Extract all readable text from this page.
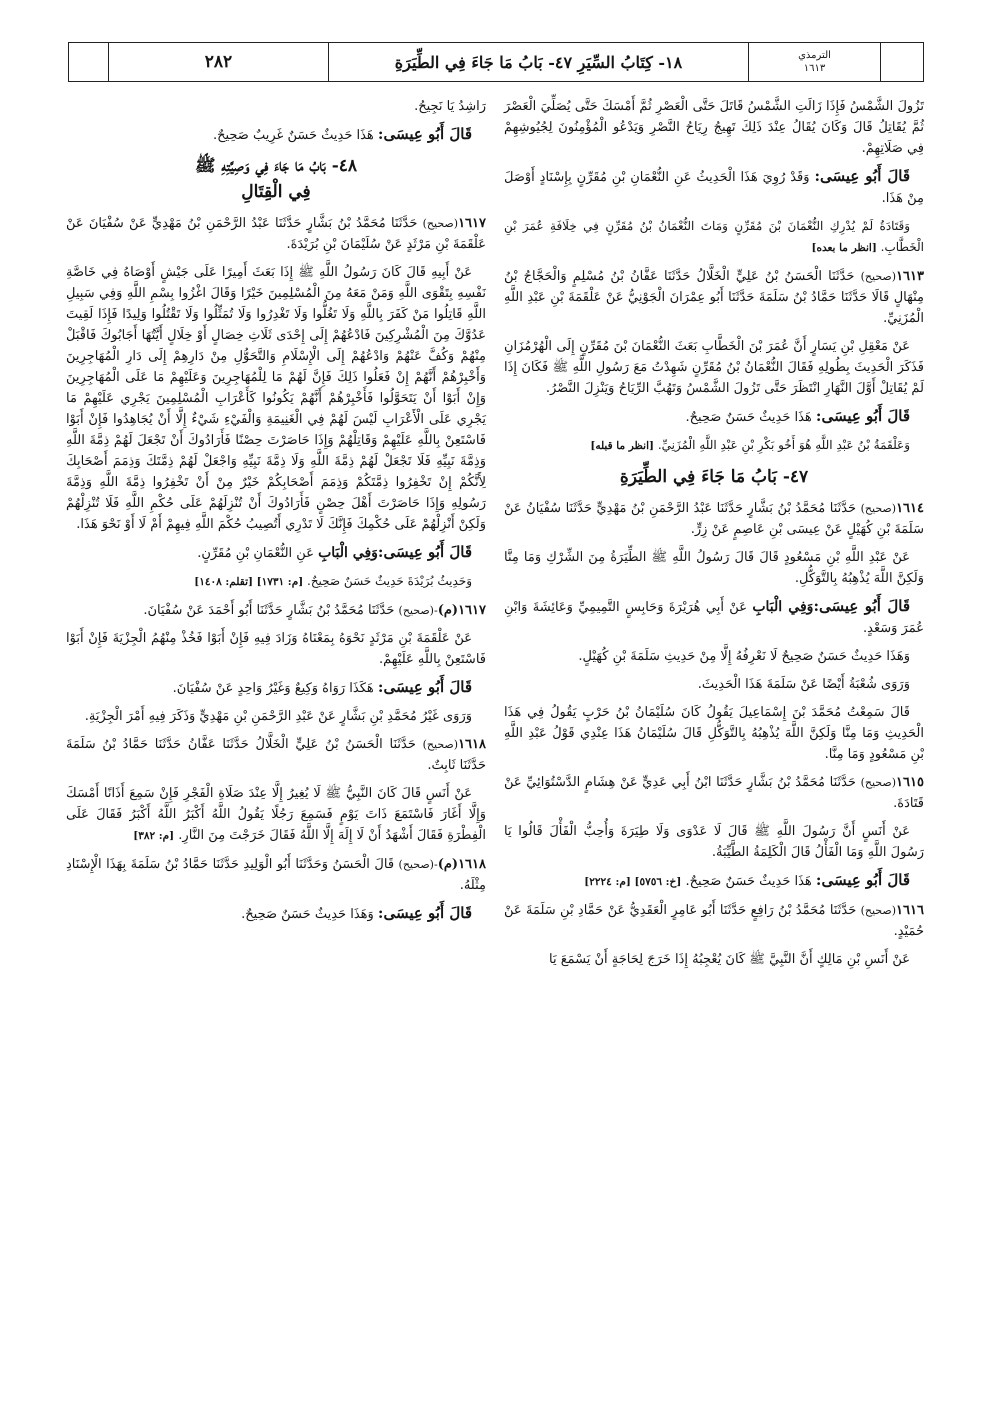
٢٨٢	١٨- كِتَابُ السِّيَرِ ٤٧- بَابُ مَا جَاءَ فِي الطِّيَرَةِ	الترمذي
١٦١٣

تَزُولَ الشَّمْسُ فَإِذَا زَالَتِ الشَّمْسُ قَاتَلَ حَتَّى الْعَصْرِ ثُمَّ أَمْسَكَ حَتَّى يُصَلِّيَ الْعَصْرَ ثُمَّ يُقَاتِلُ قَالَ وَكَانَ يُقَالُ عِنْدَ ذَلِكَ تَهِيجُ رِيَاحُ النَّصْرِ وَيَدْعُو الْمُؤْمِنُونَ لِجُيُوشِهِمْ فِي صَلَاتِهِمْ.

قَالَ أَبُو عِيسَى: وَقَدْ رُوِيَ هَذَا الْحَدِيثُ عَنِ النُّعْمَانِ بْنِ مُقَرِّنٍ بِإِسْنَادٍ أَوْصَلَ مِنْ هَذَا.

وَقَتَادَةُ لَمْ يُدْرِكِ النُّعْمَانَ بْنَ مُقَرِّنٍ وَمَاتَ النُّعْمَانُ بْنُ مُقَرِّنٍ فِي خِلَافَةِ عُمَرَ بْنِ الْخَطَّابِ. [انظر ما بعده]

١٦١٣(صحيح) حَدَّثَنَا الْحَسَنُ بْنُ عَلِيٍّ الْخَلَّالُ حَدَّثَنَا عَفَّانُ بْنُ مُسْلِمٍ وَالْحَجَّاجُ بْنُ مِنْهَالٍ قَالَا حَدَّثَنَا حَمَّادُ بْنُ سَلَمَةَ حَدَّثَنَا أَبُو عِمْرَانَ الْجَوْنِيُّ عَنْ عَلْقَمَةَ بْنِ عَبْدِ اللَّهِ الْمُزَنِيِّ.

عَنْ مَعْقِلِ بْنِ يَسَارٍ أَنَّ عُمَرَ بْنَ الْخَطَّابِ بَعَثَ النُّعْمَانَ بْنَ مُقَرِّنٍ إِلَى الْهُرْمُزَانِ فَذَكَرَ الْحَدِيثَ بِطُولِهِ فَقَالَ النُّعْمَانُ بْنُ مُقَرِّنٍ شَهِدْتُ مَعَ رَسُولِ اللَّهِ ﷺ فَكَانَ إِذَا لَمْ يُقَاتِلْ أَوَّلَ النَّهَارِ انْتَظَرَ حَتَّى تَزُولَ الشَّمْسُ وَتَهُبَّ الرِّيَاحُ وَيَنْزِلَ النَّصْرُ.

قَالَ أَبُو عِيسَى: هَذَا حَدِيثٌ حَسَنٌ صَحِيحٌ.

وَعَلْقَمَةُ بْنُ عَبْدِ اللَّهِ هُوَ أَخُو بَكْرِ بْنِ عَبْدِ اللَّهِ الْمُزَنِيِّ. [انظر ما قبله]

٤٧- بَابُ مَا جَاءَ فِي الطِّيَرَةِ

١٦١٤(صحيح) حَدَّثَنَا مُحَمَّدُ بْنُ بَشَّارٍ حَدَّثَنَا عَبْدُ الرَّحْمَنِ بْنُ مَهْدِيٍّ حَدَّثَنَا سُفْيَانُ عَنْ سَلَمَةَ بْنِ كُهَيْلٍ عَنْ عِيسَى بْنِ عَاصِمٍ عَنْ زِرٍّ.

عَنْ عَبْدِ اللَّهِ بْنِ مَسْعُودٍ قَالَ قَالَ رَسُولُ اللَّهِ ﷺ الطِّيَرَةُ مِنَ الشِّرْكِ وَمَا مِنَّا وَلَكِنَّ اللَّهَ يُذْهِبُهُ بِالتَّوَكُّلِ.

قَالَ أَبُو عِيسَى:وَفِي الْبَابِ عَنْ أَبِي هُرَيْرَةَ وَحَابِسٍ التَّمِيمِيِّ وَعَائِشَةَ وَابْنِ عُمَرَ وَسَعْدٍ.

وَهَذَا حَدِيثٌ حَسَنٌ صَحِيحٌ لَا نَعْرِفُهُ إِلَّا مِنْ حَدِيثِ سَلَمَةَ بْنِ كُهَيْلٍ.

وَرَوَى شُعْبَةُ أَيْضًا عَنْ سَلَمَةَ هَذَا الْحَدِيثَ.

قَالَ سَمِعْتُ مُحَمَّدَ بْنَ إِسْمَاعِيلَ يَقُولُ كَانَ سُلَيْمَانُ بْنُ حَرْبٍ يَقُولُ فِي هَذَا الْحَدِيثِ وَمَا مِنَّا وَلَكِنَّ اللَّهَ يُذْهِبُهُ بِالتَّوَكُّلِ قَالَ سُلَيْمَانُ هَذَا عِنْدِي قَوْلُ عَبْدِ اللَّهِ بْنِ مَسْعُودٍ وَمَا مِنَّا.

١٦١٥(صحيح) حَدَّثَنَا مُحَمَّدُ بْنُ بَشَّارٍ حَدَّثَنَا ابْنُ أَبِي عَدِيٍّ عَنْ هِشَامٍ الدَّسْتُوَائِيِّ عَنْ قَتَادَةَ.

عَنْ أَنَسٍ أَنَّ رَسُولَ اللَّهِ ﷺ قَالَ لَا عَدْوَى وَلَا طِيَرَةَ وَأُحِبُّ الْفَأْلَ قَالُوا يَا رَسُولَ اللَّهِ وَمَا الْفَأْلُ قَالَ الْكَلِمَةُ الطَّيِّبَةُ.

قَالَ أَبُو عِيسَى: هَذَا حَدِيثٌ حَسَنٌ صَحِيحٌ. [خ: ٥٧٥٦] [م: ٢٢٢٤]

١٦١٦(صحيح) حَدَّثَنَا مُحَمَّدُ بْنُ رَافِعٍ حَدَّثَنَا أَبُو عَامِرٍ الْعَقَدِيُّ عَنْ حَمَّادِ بْنِ سَلَمَةَ عَنْ حُمَيْدٍ.

عَنْ أَنَسِ بْنِ مَالِكٍ أَنَّ النَّبِيَّ ﷺ كَانَ يُعْجِبُهُ إِذَا خَرَجَ لِحَاجَةٍ أَنْ يَسْمَعَ يَا

رَاشِدُ يَا نَجِيحُ.

قَالَ أَبُو عِيسَى: هَذَا حَدِيثٌ حَسَنٌ غَرِيبٌ صَحِيحٌ.

٤٨- بَابُ مَا جَاءَ فِي وَصِيَّتِهِ ﷺ
فِي الْقِتَالِ

١٦١٧(صحيح) حَدَّثَنَا مُحَمَّدُ بْنُ بَشَّارٍ حَدَّثَنَا عَبْدُ الرَّحْمَنِ بْنُ مَهْدِيٍّ عَنْ سُفْيَانَ عَنْ عَلْقَمَةَ بْنِ مَرْثَدٍ عَنْ سُلَيْمَانَ بْنِ بُرَيْدَةَ.

عَنْ أَبِيهِ قَالَ كَانَ رَسُولُ اللَّهِ ﷺ إِذَا بَعَثَ أَمِيرًا عَلَى جَيْشٍ أَوْصَاهُ فِي خَاصَّةِ نَفْسِهِ بِتَقْوَى اللَّهِ وَمَنْ مَعَهُ مِنَ الْمُسْلِمِينَ خَيْرًا وَقَالَ اغْزُوا بِسْمِ اللَّهِ وَفِي سَبِيلِ اللَّهِ قَاتِلُوا مَنْ كَفَرَ بِاللَّهِ وَلَا تَغُلُّوا وَلَا تَغْدِرُوا وَلَا تُمَثِّلُوا وَلَا تَقْتُلُوا وَلِيدًا فَإِذَا لَقِيتَ عَدُوَّكَ مِنَ الْمُشْرِكِينَ فَادْعُهُمْ إِلَى إِحْدَى ثَلَاثِ خِصَالٍ أَوْ خِلَالٍ أَيَّتُهَا أَجَابُوكَ فَاقْبَلْ مِنْهُمْ وَكُفَّ عَنْهُمْ وَادْعُهُمْ إِلَى الْإِسْلَامِ وَالتَّحَوُّلِ مِنْ دَارِهِمْ إِلَى دَارِ الْمُهَاجِرِينَ وَأَخْبِرْهُمْ أَنَّهُمْ إِنْ فَعَلُوا ذَلِكَ فَإِنَّ لَهُمْ مَا لِلْمُهَاجِرِينَ وَعَلَيْهِمْ مَا عَلَى الْمُهَاجِرِينَ وَإِنْ أَبَوْا أَنْ يَتَحَوَّلُوا فَأَخْبِرْهُمْ أَنَّهُمْ يَكُونُوا كَأَعْرَابِ الْمُسْلِمِينَ يَجْرِي عَلَيْهِمْ مَا يَجْرِي عَلَى الْأَعْرَابِ لَيْسَ لَهُمْ فِي الْغَنِيمَةِ وَالْفَيْءِ شَيْءٌ إِلَّا أَنْ يُجَاهِدُوا فَإِنْ أَبَوْا فَاسْتَعِنْ بِاللَّهِ عَلَيْهِمْ وَقَاتِلْهُمْ وَإِذَا حَاصَرْتَ حِصْنًا فَأَرَادُوكَ أَنْ تَجْعَلَ لَهُمْ ذِمَّةَ اللَّهِ وَذِمَّةَ نَبِيِّهِ فَلَا تَجْعَلْ لَهُمْ ذِمَّةَ اللَّهِ وَلَا ذِمَّةَ نَبِيِّهِ وَاجْعَلْ لَهُمْ ذِمَّتَكَ وَذِمَمَ أَصْحَابِكَ لِأَنَّكُمْ إِنْ تَخْفِرُوا ذِمَّتَكُمْ وَذِمَمَ أَصْحَابِكُمْ خَيْرٌ مِنْ أَنْ تَخْفِرُوا ذِمَّةَ اللَّهِ وَذِمَّةَ رَسُولِهِ وَإِذَا حَاصَرْتَ أَهْلَ حِصْنٍ فَأَرَادُوكَ أَنْ تُنْزِلَهُمْ عَلَى حُكْمِ اللَّهِ فَلَا تُنْزِلْهُمْ وَلَكِنْ أَنْزِلْهُمْ عَلَى حُكْمِكَ فَإِنَّكَ لَا تَدْرِي أَتُصِيبُ حُكْمَ اللَّهِ فِيهِمْ أَمْ لَا أَوْ نَحْوَ هَذَا.

قَالَ أَبُو عِيسَى:وَفِي الْبَابِ عَنِ النُّعْمَانِ بْنِ مُقَرِّنٍ.

وَحَدِيثُ بُرَيْدَةَ حَدِيثٌ حَسَنٌ صَحِيحٌ. [م: ١٧٣١] [تقلم: ١٤٠٨]

١٦١٧(م)-(صحيح) حَدَّثَنَا مُحَمَّدُ بْنُ بَشَّارٍ حَدَّثَنَا أَبُو أَحْمَدَ عَنْ سُفْيَانَ.

عَنْ عَلْقَمَةَ بْنِ مَرْثَدٍ نَحْوَهُ بِمَعْنَاهُ وَزَادَ فِيهِ فَإِنْ أَبَوْا فَخُذْ مِنْهُمُ الْجِزْيَةَ فَإِنْ أَبَوْا فَاسْتَعِنْ بِاللَّهِ عَلَيْهِمْ.

قَالَ أَبُو عِيسَى: هَكَذَا رَوَاهُ وَكِيعٌ وَغَيْرُ وَاحِدٍ عَنْ سُفْيَانَ.

وَرَوَى غَيْرُ مُحَمَّدِ بْنِ بَشَّارٍ عَنْ عَبْدِ الرَّحْمَنِ بْنِ مَهْدِيٍّ وَذَكَرَ فِيهِ أَمْرَ الْجِزْيَةِ.

١٦١٨(صحيح) حَدَّثَنَا الْحَسَنُ بْنُ عَلِيٍّ الْخَلَّالُ حَدَّثَنَا عَفَّانُ حَدَّثَنَا حَمَّادُ بْنُ سَلَمَةَ حَدَّثَنَا ثَابِتٌ.

عَنْ أَنَسٍ قَالَ كَانَ النَّبِيُّ ﷺ لَا يُغِيرُ إِلَّا عِنْدَ صَلَاةِ الْفَجْرِ فَإِنْ سَمِعَ أَذَانًا أَمْسَكَ وَإِلَّا أَغَارَ فَاسْتَمَعَ ذَاتَ يَوْمٍ فَسَمِعَ رَجُلًا يَقُولُ اللَّهُ أَكْبَرُ اللَّهُ أَكْبَرُ فَقَالَ عَلَى الْفِطْرَةِ فَقَالَ أَشْهَدُ أَنْ لَا إِلَهَ إِلَّا اللَّهُ فَقَالَ خَرَجْتَ مِنَ النَّارِ. [م: ٣٨٢]

١٦١٨(م)-(صحيح) قَالَ الْحَسَنُ وَحَدَّثَنَا أَبُو الْوَلِيدِ حَدَّثَنَا حَمَّادُ بْنُ سَلَمَةَ بِهَذَا الْإِسْنَادِ مِثْلَهُ.

قَالَ أَبُو عِيسَى: وَهَذَا حَدِيثٌ حَسَنٌ صَحِيحٌ.
